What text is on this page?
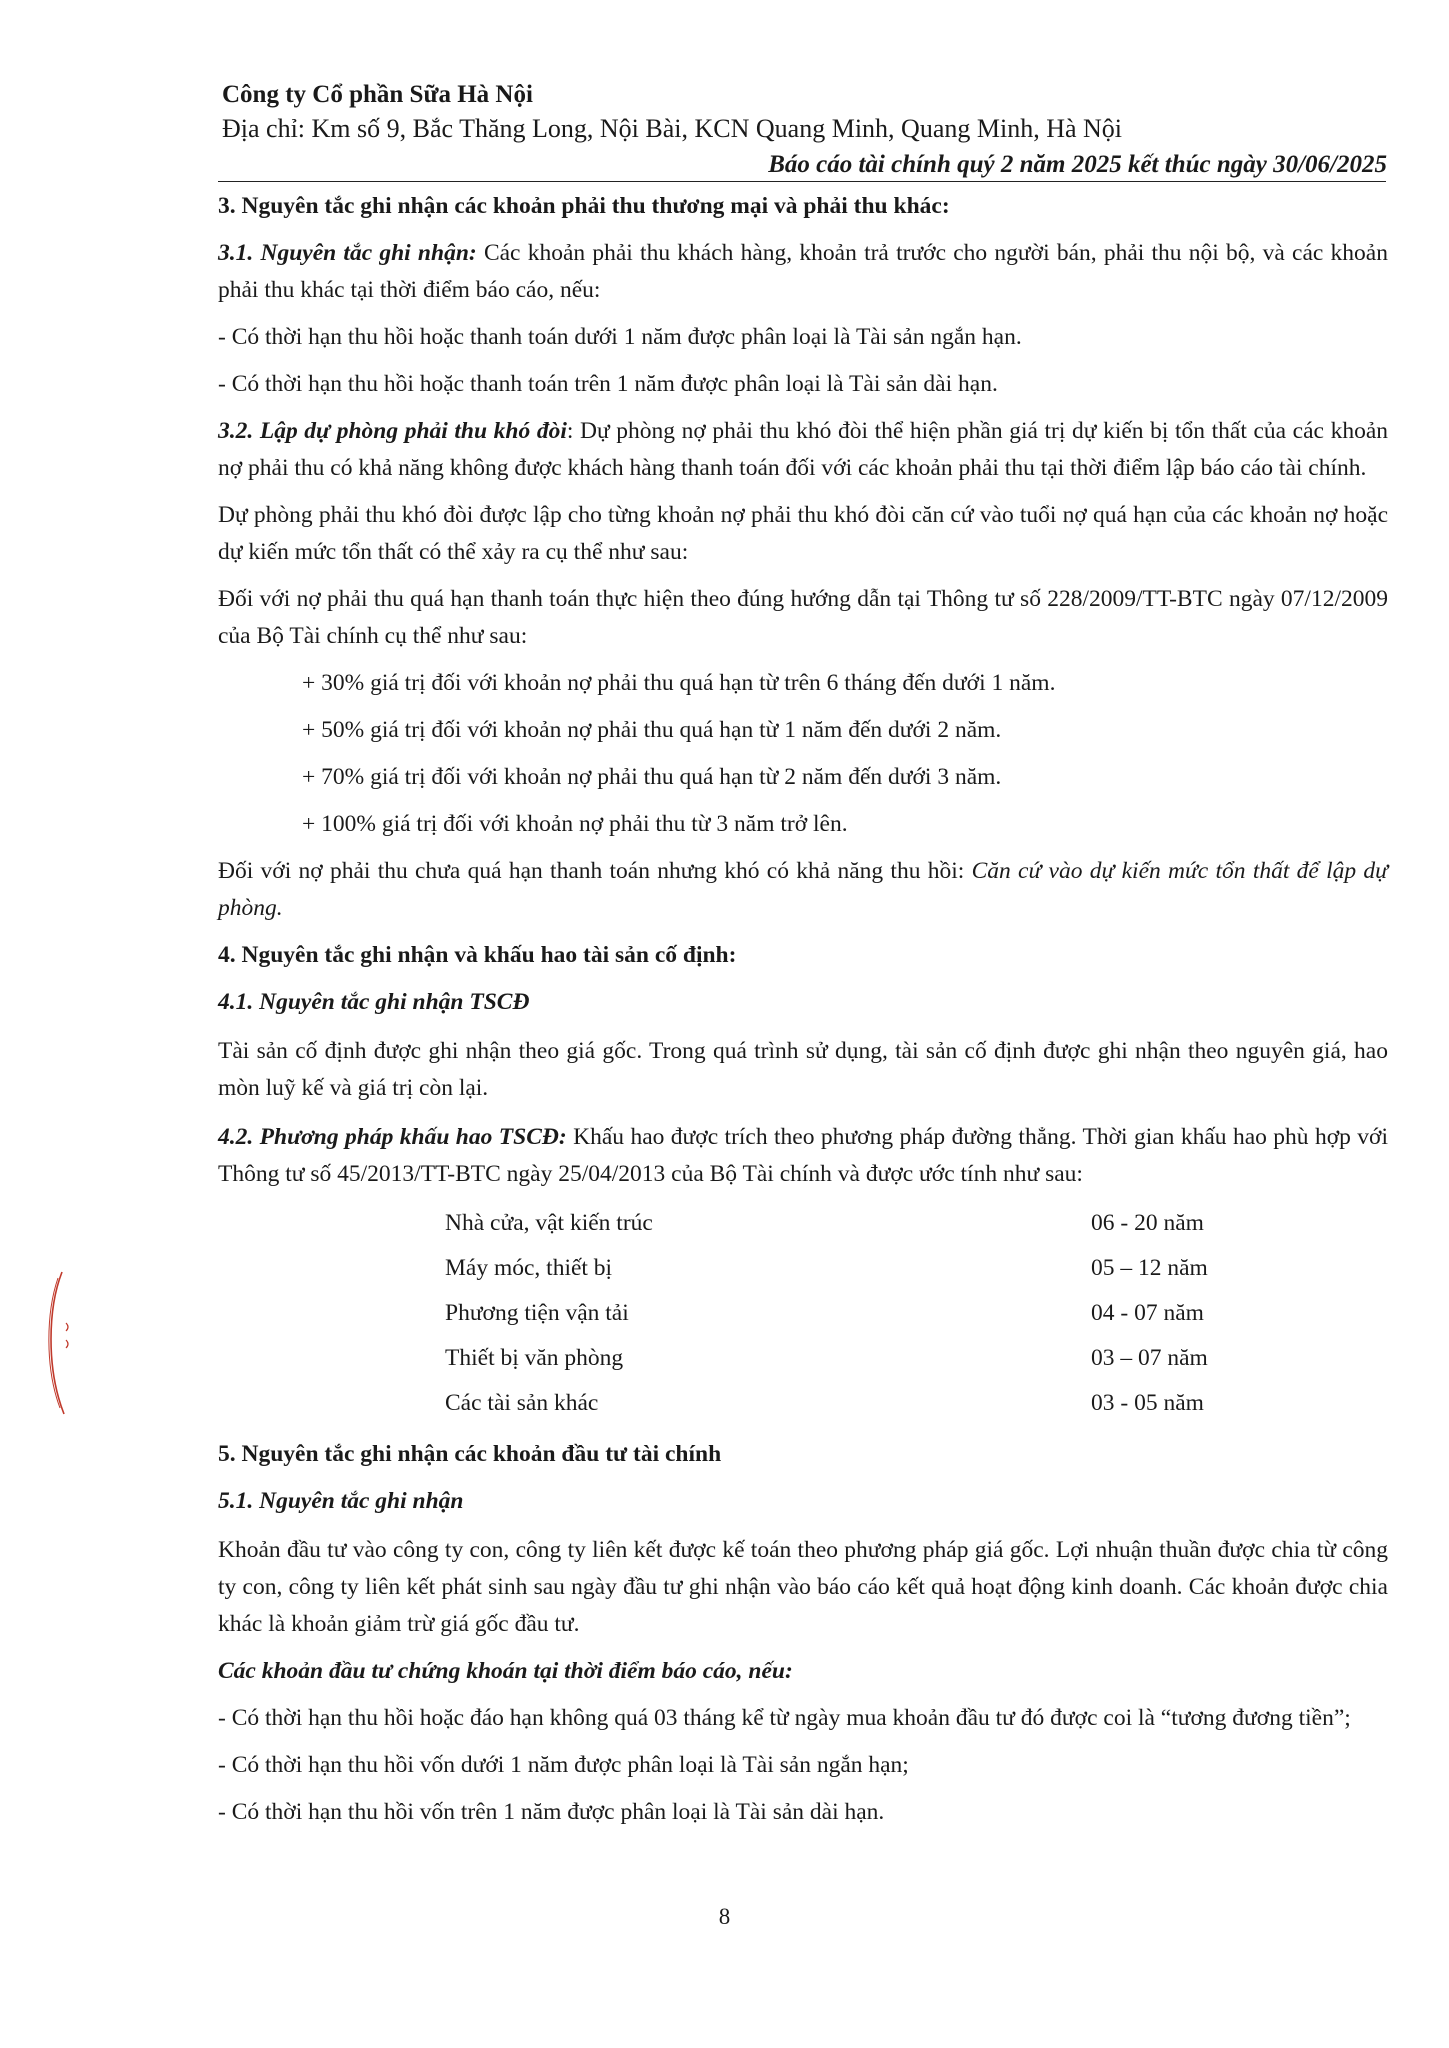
Công ty Cổ phần Sữa Hà Nội
Địa chỉ: Km số 9, Bắc Thăng Long, Nội Bài, KCN Quang Minh, Quang Minh, Hà Nội
Báo cáo tài chính quý 2 năm 2025 kết thúc ngày 30/06/2025

3. Nguyên tắc ghi nhận các khoản phải thu thương mại và phải thu khác:

3.1. Nguyên tắc ghi nhận: Các khoản phải thu khách hàng, khoản trả trước cho người bán, phải thu nội bộ, và các khoản phải thu khác tại thời điểm báo cáo, nếu:

- Có thời hạn thu hồi hoặc thanh toán dưới 1 năm được phân loại là Tài sản ngắn hạn.

- Có thời hạn thu hồi hoặc thanh toán trên 1 năm được phân loại là Tài sản dài hạn.

3.2. Lập dự phòng phải thu khó đòi: Dự phòng nợ phải thu khó đòi thể hiện phần giá trị dự kiến bị tổn thất của các khoản nợ phải thu có khả năng không được khách hàng thanh toán đối với các khoản phải thu tại thời điểm lập báo cáo tài chính.

Dự phòng phải thu khó đòi được lập cho từng khoản nợ phải thu khó đòi căn cứ vào tuổi nợ quá hạn của các khoản nợ hoặc dự kiến mức tổn thất có thể xảy ra cụ thể như sau:

Đối với nợ phải thu quá hạn thanh toán thực hiện theo đúng hướng dẫn tại Thông tư số 228/2009/TT-BTC ngày 07/12/2009 của Bộ Tài chính cụ thể như sau:

+ 30% giá trị đối với khoản nợ phải thu quá hạn từ trên 6 tháng đến dưới 1 năm.

+ 50% giá trị đối với khoản nợ phải thu quá hạn từ 1 năm đến dưới 2 năm.

+ 70% giá trị đối với khoản nợ phải thu quá hạn từ 2 năm đến dưới 3 năm.

+ 100% giá trị đối với khoản nợ phải thu từ 3 năm trở lên.

Đối với nợ phải thu chưa quá hạn thanh toán nhưng khó có khả năng thu hồi: Căn cứ vào dự kiến mức tổn thất để lập dự phòng.

4. Nguyên tắc ghi nhận và khấu hao tài sản cố định:

4.1. Nguyên tắc ghi nhận TSCĐ

Tài sản cố định được ghi nhận theo giá gốc. Trong quá trình sử dụng, tài sản cố định được ghi nhận theo nguyên giá, hao mòn luỹ kế và giá trị còn lại.

4.2. Phương pháp khấu hao TSCĐ: Khấu hao được trích theo phương pháp đường thẳng. Thời gian khấu hao phù hợp với Thông tư số 45/2013/TT-BTC ngày 25/04/2013 của Bộ Tài chính và được ước tính như sau:

Nhà cửa, vật kiến trúc	06 - 20 năm
Máy móc, thiết bị	05 – 12 năm
Phương tiện vận tải	04 - 07 năm
Thiết bị văn phòng	03 – 07 năm
Các tài sản khác	03 - 05 năm

5. Nguyên tắc ghi nhận các khoản đầu tư tài chính

5.1. Nguyên tắc ghi nhận

Khoản đầu tư vào công ty con, công ty liên kết được kế toán theo phương pháp giá gốc. Lợi nhuận thuần được chia từ công ty con, công ty liên kết phát sinh sau ngày đầu tư ghi nhận vào báo cáo kết quả hoạt động kinh doanh. Các khoản được chia khác là khoản giảm trừ giá gốc đầu tư.

Các khoản đầu tư chứng khoán tại thời điểm báo cáo, nếu:

- Có thời hạn thu hồi hoặc đáo hạn không quá 03 tháng kể từ ngày mua khoản đầu tư đó được coi là “tương đương tiền”;

- Có thời hạn thu hồi vốn dưới 1 năm được phân loại là Tài sản ngắn hạn;

- Có thời hạn thu hồi vốn trên 1 năm được phân loại là Tài sản dài hạn.

8
